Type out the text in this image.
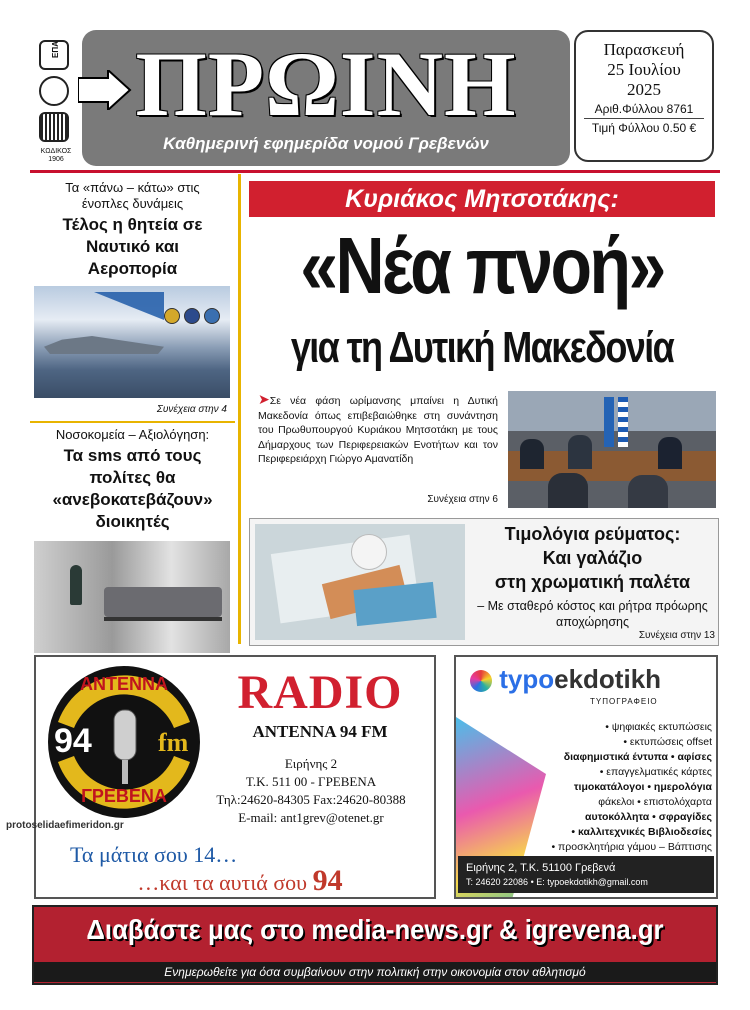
ΕΠΑ
ΚΩΔΙΚΟΣ
1906
ΠΡΩΙΝΗ
Καθημερινή εφημερίδα νομού Γρεβενών
Παρασκευή
25 Ιουλίου
2025
Αριθ.Φύλλου 8761
Τιμή Φύλλου 0.50 €
Τα «πάνω – κάτω» στις ένοπλες δυνάμεις
Τέλος η θητεία σε Ναυτικό και Αεροπορία

Συνέχεια στην 4
Νοσοκομεία – Αξιολόγηση:
Τα sms από τους πολίτες θα «ανεβοκατεβάζουν» διοικητές
Κυριάκος Μητσοτάκης:
«Νέα πνοή»
για τη Δυτική Μακεδονία
➤Σε νέα φάση ωρίμανσης μπαίνει η Δυτική Μακεδονία όπως επιβεβαιώθηκε στη συνάντηση του Πρωθυπουργού Κυριάκου Μητσοτάκη με τους Δήμαρχους των Περιφερειακών Ενοτήτων και τον Περιφερειάρχη Γιώργο Αμανατίδη
Συνέχεια στην 6
Τιμολόγια ρεύματος:
Και γαλάζιο
στη χρωματική παλέτα
– Με σταθερό κόστος και ρήτρα πρόωρης αποχώρησης
Συνέχεια στην 13
ΑΝΤΕΝΝΑ
94	fm
ΓΡΕΒΕΝΑ
RADIO
ANTENNA 94 FM
Ειρήνης 2
Τ.Κ. 511 00 - ΓΡΕΒΕΝΑ
Τηλ:24620-84305 Fax:24620-80388
E-mail: ant1grev@otenet.gr
Τα μάτια σου 14…
…και τα αυτιά σου 94
typoekdotikh
ΤΥΠΟΓΡΑΦΕΙΟ
• ψηφιακές εκτυπώσεις
• εκτυπώσεις offset
διαφημιστικά έντυπα • αφίσες
• επαγγελματικές κάρτες
τιμοκατάλογοι • ημερολόγια
φάκελοι • επιστολόχαρτα
αυτοκόλλητα • σφραγίδες
• καλλιτεχνικές Βιβλιοδεσίες
• προσκλητήρια γάμου – Βάπτισης
Ειρήνης 2, Τ.Κ. 51100 Γρεβενά
Τ: 24620 22086 • E: typoekdotikh@gmail.com
protoselidaefimeridon.gr
Διαβάστε μας στο media-news.gr & igrevena.gr
Ενημερωθείτε για όσα συμβαίνουν στην πολιτική στην οικονομία στον αθλητισμό
